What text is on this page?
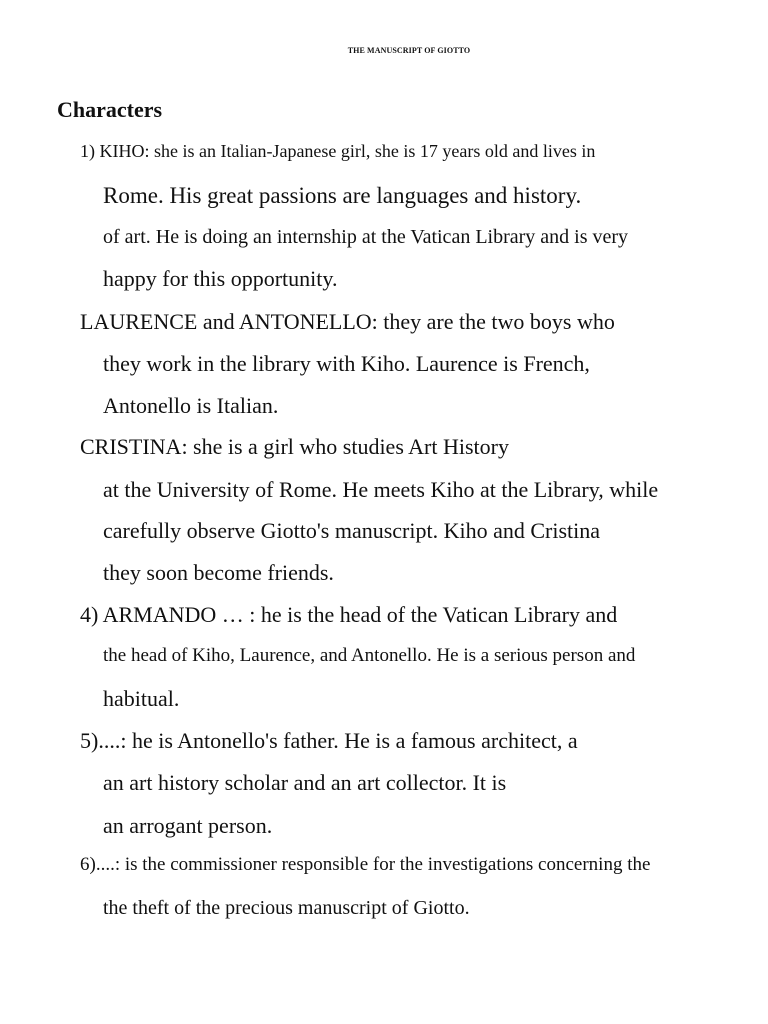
THE MANUSCRIPT OF GIOTTO
Characters
1) KIHO: she is an Italian-Japanese girl, she is 17 years old and lives in
Rome. His great passions are languages and history.
of art. He is doing an internship at the Vatican Library and is very
happy for this opportunity.
LAURENCE and ANTONELLO: they are the two boys who
they work in the library with Kiho. Laurence is French,
Antonello is Italian.
CRISTINA: she is a girl who studies Art History
at the University of Rome. He meets Kiho at the Library, while
carefully observe Giotto's manuscript. Kiho and Cristina
they soon become friends.
4) ARMANDO … : he is the head of the Vatican Library and
the head of Kiho, Laurence, and Antonello. He is a serious person and
habitual.
5)....: he is Antonello's father. He is a famous architect, a
an art history scholar and an art collector. It is
an arrogant person.
6)....: is the commissioner responsible for the investigations concerning the
the theft of the precious manuscript of Giotto.
